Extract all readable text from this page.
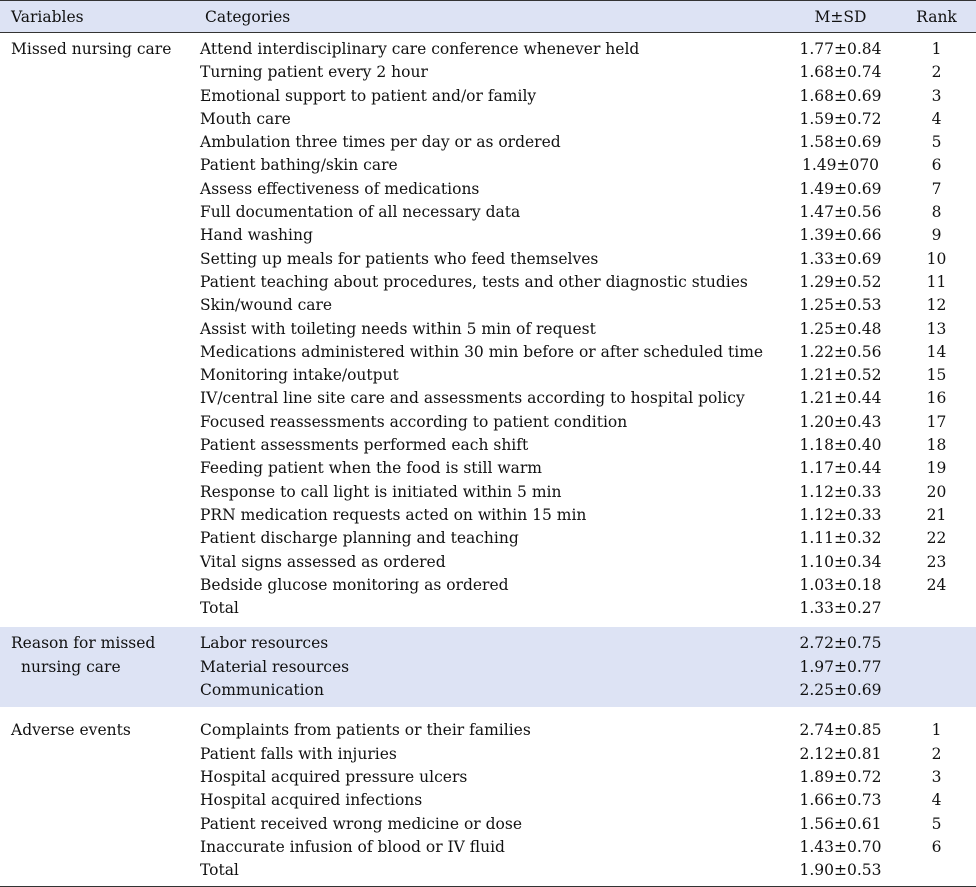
Variables	Categories	M±SD	Rank
Missed nursing care	Attend interdisciplinary care conference whenever held	1.77±0.84	1
	Turning patient every 2 hour	1.68±0.74	2
	Emotional support to patient and/or family	1.68±0.69	3
	Mouth care	1.59±0.72	4
	Ambulation three times per day or as ordered	1.58±0.69	5
	Patient bathing/skin care	1.49±070	6
	Assess effectiveness of medications	1.49±0.69	7
	Full documentation of all necessary data	1.47±0.56	8
	Hand washing	1.39±0.66	9
	Setting up meals for patients who feed themselves	1.33±0.69	10
	Patient teaching about procedures, tests and other diagnostic studies	1.29±0.52	11
	Skin/wound care	1.25±0.53	12
	Assist with toileting needs within 5 min of request	1.25±0.48	13
	Medications administered within 30 min before or after scheduled time	1.22±0.56	14
	Monitoring intake/output	1.21±0.52	15
	IV/central line site care and assessments according to hospital policy	1.21±0.44	16
	Focused reassessments according to patient condition	1.20±0.43	17
	Patient assessments performed each shift	1.18±0.40	18
	Feeding patient when the food is still warm	1.17±0.44	19
	Response to call light is initiated within 5 min	1.12±0.33	20
	PRN medication requests acted on within 15 min	1.12±0.33	21
	Patient discharge planning and teaching	1.11±0.32	22
	Vital signs assessed as ordered	1.10±0.34	23
	Bedside glucose monitoring as ordered	1.03±0.18	24
	Total	1.33±0.27	

Reason for missed	Labor resources	2.72±0.75	
nursing care	Material resources	1.97±0.77	
	Communication	2.25±0.69	

Adverse events	Complaints from patients or their families	2.74±0.85	1
	Patient falls with injuries	2.12±0.81	2
	Hospital acquired pressure ulcers	1.89±0.72	3
	Hospital acquired infections	1.66±0.73	4
	Patient received wrong medicine or dose	1.56±0.61	5
	Inaccurate infusion of blood or IV fluid	1.43±0.70	6
	Total	1.90±0.53	
